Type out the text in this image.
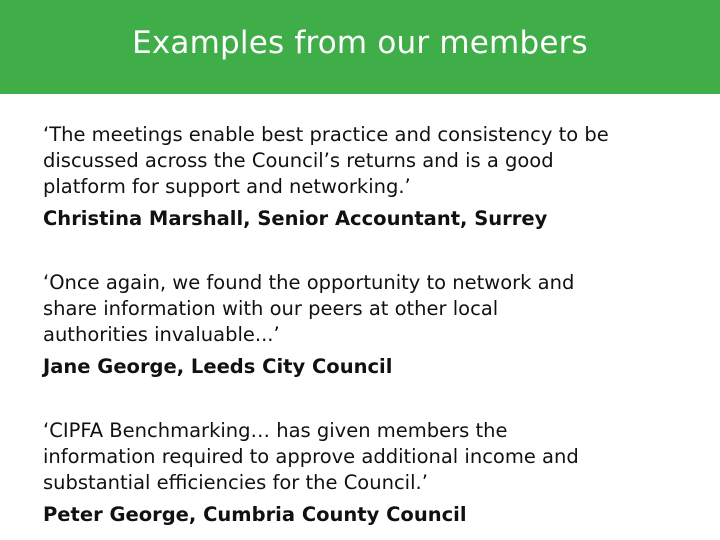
Examples from our members

‘The meetings enable best practice and consistency to be
discussed across the Council’s returns and is a good
platform for support and networking.’

Christina Marshall, Senior Accountant, Surrey

‘Once again, we found the opportunity to network and
share information with our peers at other local
authorities invaluable...’

Jane George, Leeds City Council

‘CIPFA Benchmarking… has given members the
information required to approve additional income and
substantial efficiencies for the Council.’

Peter George, Cumbria County Council
